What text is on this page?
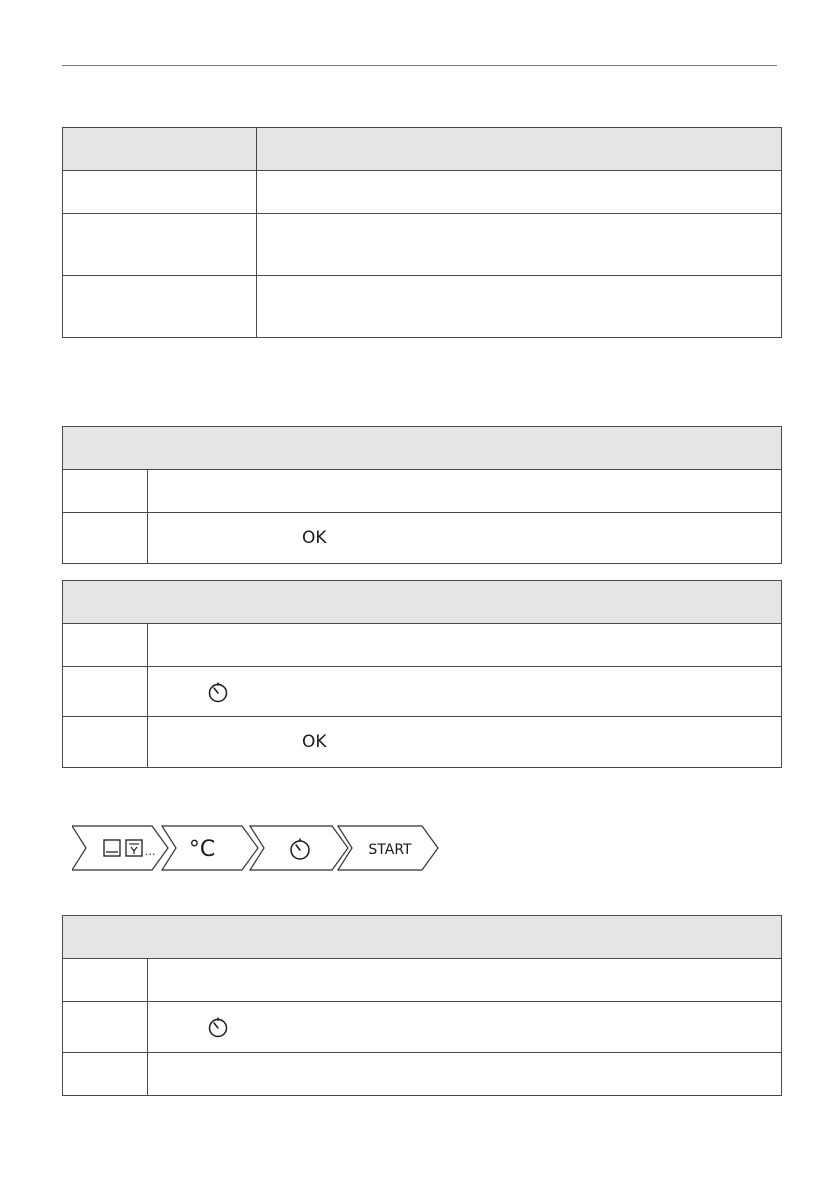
	OK

	OK
... °C	START
